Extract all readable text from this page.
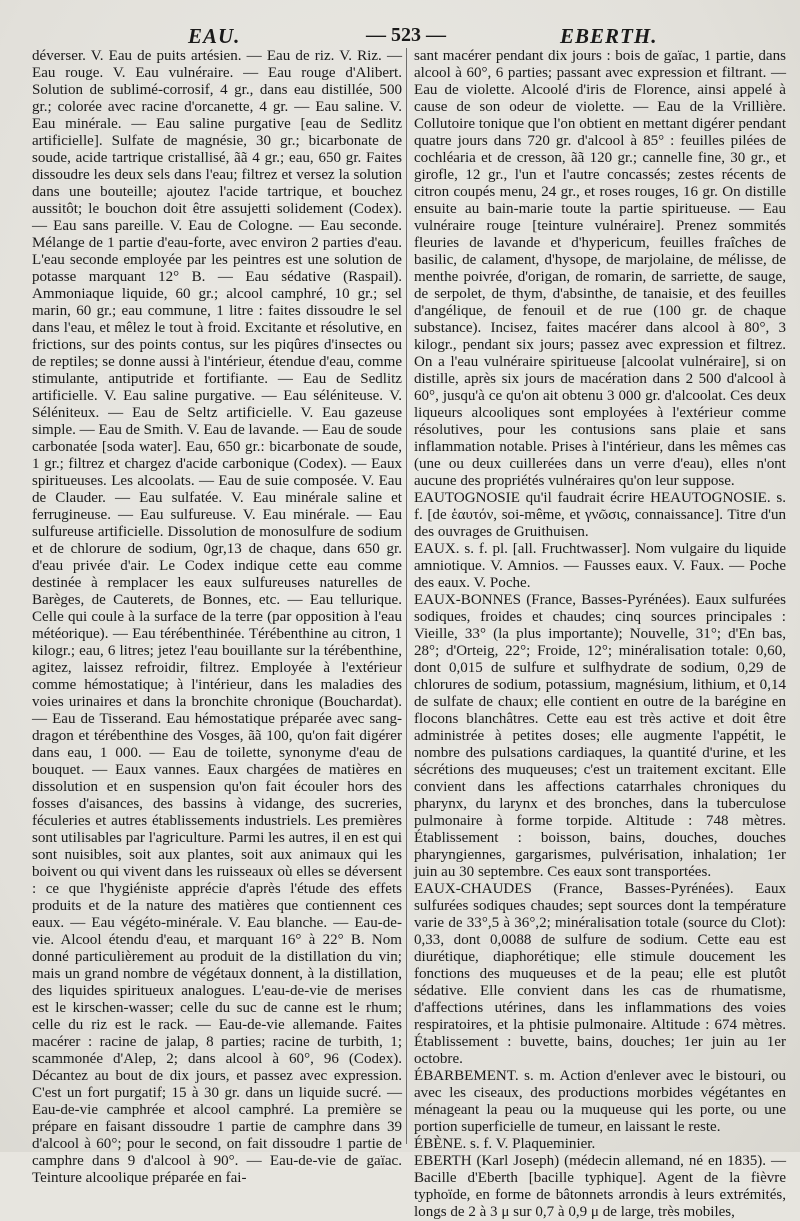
EAU.	— 523 —	EBERTH.

déverser. V. Eau de puits artésien. — Eau de riz. V. Riz. — Eau rouge. V. Eau vulnéraire. — Eau rouge d'Alibert. Solution de sublimé-corrosif, 4 gr., dans eau distillée, 500 gr.; colorée avec racine d'orcanette, 4 gr. — Eau saline. V. Eau minérale. — Eau saline purgative [eau de Sedlitz artificielle]. Sulfate de magnésie, 30 gr.; bicarbonate de soude, acide tartrique cristallisé, ãã 4 gr.; eau, 650 gr. Faites dissoudre les deux sels dans l'eau; filtrez et versez la solution dans une bouteille; ajoutez l'acide tartrique, et bouchez aussitôt; le bouchon doit être assujetti solidement (Codex). — Eau sans pareille. V. Eau de Cologne. — Eau seconde. Mélange de 1 partie d'eau-forte, avec environ 2 parties d'eau. L'eau seconde employée par les peintres est une solution de potasse marquant 12° B. — Eau sédative (Raspail). Ammoniaque liquide, 60 gr.; alcool camphré, 10 gr.; sel marin, 60 gr.; eau commune, 1 litre : faites dissoudre le sel dans l'eau, et mêlez le tout à froid. Excitante et résolutive, en frictions, sur des points contus, sur les piqûres d'insectes ou de reptiles; se donne aussi à l'intérieur, étendue d'eau, comme stimulante, antiputride et fortifiante. — Eau de Sedlitz artificielle. V. Eau saline purgative. — Eau séléniteuse. V. Séléniteux. — Eau de Seltz artificielle. V. Eau gazeuse simple. — Eau de Smith. V. Eau de lavande. — Eau de soude carbonatée [soda water]. Eau, 650 gr.: bicarbonate de soude, 1 gr.; filtrez et chargez d'acide carbonique (Codex). — Eaux spiritueuses. Les alcoolats. — Eau de suie composée. V. Eau de Clauder. — Eau sulfatée. V. Eau minérale saline et ferrugineuse. — Eau sulfureuse. V. Eau minérale. — Eau sulfureuse artificielle. Dissolution de monosulfure de sodium et de chlorure de sodium, 0gr,13 de chaque, dans 650 gr. d'eau privée d'air. Le Codex indique cette eau comme destinée à remplacer les eaux sulfureuses naturelles de Barèges, de Cauterets, de Bonnes, etc. — Eau tellurique. Celle qui coule à la surface de la terre (par opposition à l'eau météorique). — Eau térébenthinée. Térébenthine au citron, 1 kilogr.; eau, 6 litres; jetez l'eau bouillante sur la térébenthine, agitez, laissez refroidir, filtrez. Employée à l'extérieur comme hémostatique; à l'intérieur, dans les maladies des voies urinaires et dans la bronchite chronique (Bouchardat). — Eau de Tisserand. Eau hémostatique préparée avec sang-dragon et térébenthine des Vosges, ãã 100, qu'on fait digérer dans eau, 1 000. — Eau de toilette, synonyme d'eau de bouquet. — Eaux vannes. Eaux chargées de matières en dissolution et en suspension qu'on fait écouler hors des fosses d'aisances, des bassins à vidange, des sucreries, féculeries et autres établissements industriels. Les premières sont utilisables par l'agriculture. Parmi les autres, il en est qui sont nuisibles, soit aux plantes, soit aux animaux qui les boivent ou qui vivent dans les ruisseaux où elles se déversent : ce que l'hygiéniste apprécie d'après l'étude des effets produits et de la nature des matières que contiennent ces eaux. — Eau végéto-minérale. V. Eau blanche. — Eau-de-vie. Alcool étendu d'eau, et marquant 16° à 22° B. Nom donné particulièrement au produit de la distillation du vin; mais un grand nombre de végétaux donnent, à la distillation, des liquides spiritueux analogues. L'eau-de-vie de merises est le kirschen-wasser; celle du suc de canne est le rhum; celle du riz est le rack. — Eau-de-vie allemande. Faites macérer : racine de jalap, 8 parties; racine de turbith, 1; scammonée d'Alep, 2; dans alcool à 60°, 96 (Codex). Décantez au bout de dix jours, et passez avec expression. C'est un fort purgatif; 15 à 30 gr. dans un liquide sucré. — Eau-de-vie camphrée et alcool camphré. La première se prépare en faisant dissoudre 1 partie de camphre dans 39 d'alcool à 60°; pour le second, on fait dissoudre 1 partie de camphre dans 9 d'alcool à 90°. — Eau-de-vie de gaïac. Teinture alcoolique préparée en fai-

sant macérer pendant dix jours : bois de gaïac, 1 partie, dans alcool à 60°, 6 parties; passant avec expression et filtrant. — Eau de violette. Alcoolé d'iris de Florence, ainsi appelé à cause de son odeur de violette. — Eau de la Vrillière. Collutoire tonique que l'on obtient en mettant digérer pendant quatre jours dans 720 gr. d'alcool à 85° : feuilles pilées de cochléaria et de cresson, ãã 120 gr.; cannelle fine, 30 gr., et girofle, 12 gr., l'un et l'autre concassés; zestes récents de citron coupés menu, 24 gr., et roses rouges, 16 gr. On distille ensuite au bain-marie toute la partie spiritueuse. — Eau vulnéraire rouge [teinture vulnéraire]. Prenez sommités fleuries de lavande et d'hypericum, feuilles fraîches de basilic, de calament, d'hysope, de marjolaine, de mélisse, de menthe poivrée, d'origan, de romarin, de sarriette, de sauge, de serpolet, de thym, d'absinthe, de tanaisie, et des feuilles d'angélique, de fenouil et de rue (100 gr. de chaque substance). Incisez, faites macérer dans alcool à 80°, 3 kilogr., pendant six jours; passez avec expression et filtrez. On a l'eau vulnéraire spiritueuse [alcoolat vulnéraire], si on distille, après six jours de macération dans 2 500 d'alcool à 60°, jusqu'à ce qu'on ait obtenu 3 000 gr. d'alcoolat. Ces deux liqueurs alcooliques sont employées à l'extérieur comme résolutives, pour les contusions sans plaie et sans inflammation notable. Prises à l'intérieur, dans les mêmes cas (une ou deux cuillerées dans un verre d'eau), elles n'ont aucune des propriétés vulnéraires qu'on leur suppose.

EAUTOGNOSIE qu'il faudrait écrire HEAUTOGNOSIE. s. f. [de ἑαυτόν, soi-même, et γνῶσις, connaissance]. Titre d'un des ouvrages de Gruithuisen.

EAUX. s. f. pl. [all. Fruchtwasser]. Nom vulgaire du liquide amniotique. V. Amnios. — Fausses eaux. V. Faux. — Poche des eaux. V. Poche.

EAUX-BONNES (France, Basses-Pyrénées). Eaux sulfurées sodiques, froides et chaudes; cinq sources principales : Vieille, 33° (la plus importante); Nouvelle, 31°; d'En bas, 28°; d'Orteig, 22°; Froide, 12°; minéralisation totale: 0,60, dont 0,015 de sulfure et sulfhydrate de sodium, 0,29 de chlorures de sodium, potassium, magnésium, lithium, et 0,14 de sulfate de chaux; elle contient en outre de la barégine en flocons blanchâtres. Cette eau est très active et doit être administrée à petites doses; elle augmente l'appétit, le nombre des pulsations cardiaques, la quantité d'urine, et les sécrétions des muqueuses; c'est un traitement excitant. Elle convient dans les affections catarrhales chroniques du pharynx, du larynx et des bronches, dans la tuberculose pulmonaire à forme torpide. Altitude : 748 mètres. Établissement : boisson, bains, douches, douches pharyngiennes, gargarismes, pulvérisation, inhalation; 1er juin au 30 septembre. Ces eaux sont transportées.

EAUX-CHAUDES (France, Basses-Pyrénées). Eaux sulfurées sodiques chaudes; sept sources dont la température varie de 33°,5 à 36°,2; minéralisation totale (source du Clot): 0,33, dont 0,0088 de sulfure de sodium. Cette eau est diurétique, diaphorétique; elle stimule doucement les fonctions des muqueuses et de la peau; elle est plutôt sédative. Elle convient dans les cas de rhumatisme, d'affections utérines, dans les inflammations des voies respiratoires, et la phtisie pulmonaire. Altitude : 674 mètres. Établissement : buvette, bains, douches; 1er juin au 1er octobre.

ÉBARBEMENT. s. m. Action d'enlever avec le bistouri, ou avec les ciseaux, des productions morbides végétantes en ménageant la peau ou la muqueuse qui les porte, ou une portion superficielle de tumeur, en laissant le reste.

ÉBÈNE. s. f. V. Plaqueminier.

EBERTH (Karl Joseph) (médecin allemand, né en 1835). — Bacille d'Eberth [bacille typhique]. Agent de la fièvre typhoïde, en forme de bâtonnets arrondis à leurs extrémités, longs de 2 à 3 μ sur 0,7 à 0,9 μ de large, très mobiles,
